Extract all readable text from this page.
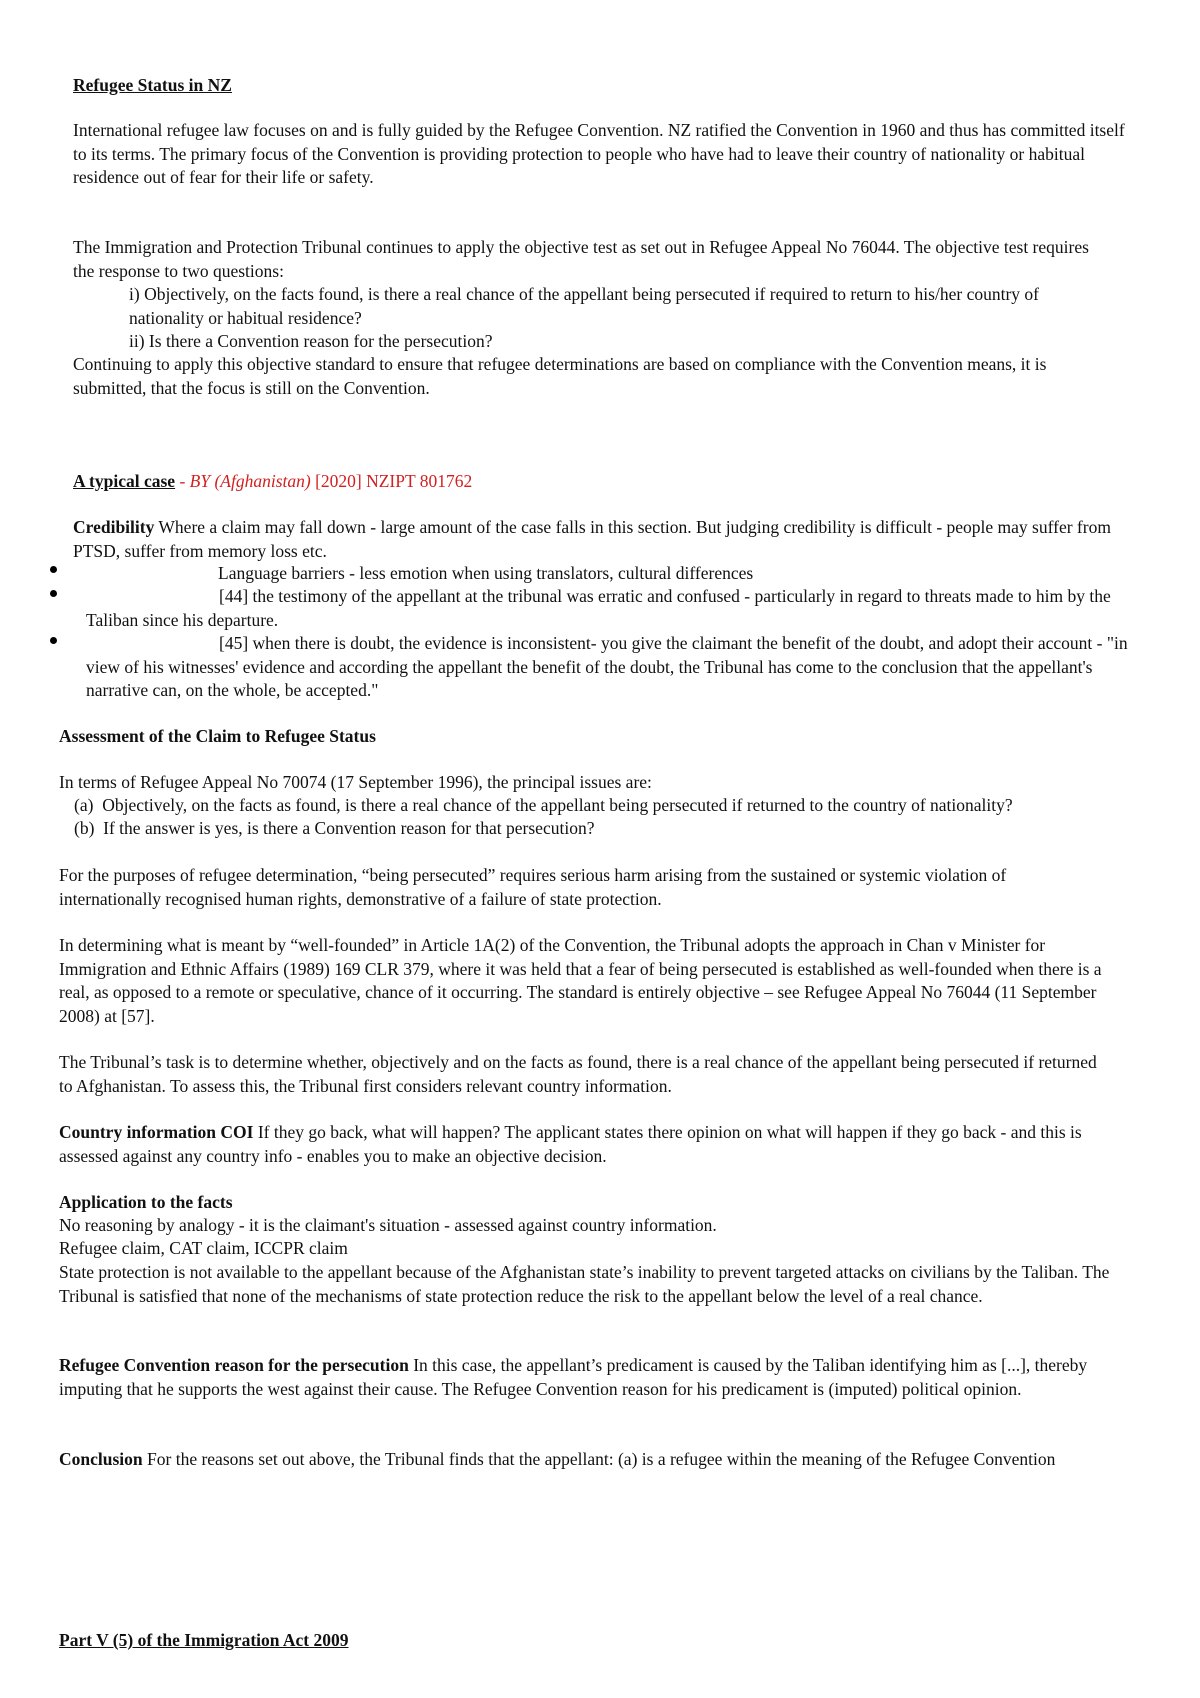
Refugee Status in NZ

International refugee law focuses on and is fully guided by the Refugee Convention. NZ ratified the Convention in 1960 and thus has committed itself to its terms. The primary focus of the Convention is providing protection to people who have had to leave their country of nationality or habitual residence out of fear for their life or safety.

The Immigration and Protection Tribunal continues to apply the objective test as set out in Refugee Appeal No 76044. The objective test requires the response to two questions:

i) Objectively, on the facts found, is there a real chance of the appellant being persecuted if required to return to his/her country of nationality or habitual residence?

ii) Is there a Convention reason for the persecution?

Continuing to apply this objective standard to ensure that refugee determinations are based on compliance with the Convention means, it is submitted, that the focus is still on the Convention.

A typical case - BY (Afghanistan) [2020] NZIPT 801762

Credibility Where a claim may fall down - large amount of the case falls in this section. But judging credibility is difficult - people may suffer from PTSD, suffer from memory loss etc.

Language barriers - less emotion when using translators, cultural differences

[44] the testimony of the appellant at the tribunal was erratic and confused - particularly in regard to threats made to him by the Taliban since his departure.

[45] when there is doubt, the evidence is inconsistent- you give the claimant the benefit of the doubt, and adopt their account - "in view of his witnesses' evidence and according the appellant the benefit of the doubt, the Tribunal has come to the conclusion that the appellant's narrative can, on the whole, be accepted."

Assessment of the Claim to Refugee Status

In terms of Refugee Appeal No 70074 (17 September 1996), the principal issues are:

(a) Objectively, on the facts as found, is there a real chance of the appellant being persecuted if returned to the country of nationality?

(b) If the answer is yes, is there a Convention reason for that persecution?

For the purposes of refugee determination, “being persecuted” requires serious harm arising from the sustained or systemic violation of internationally recognised human rights, demonstrative of a failure of state protection.

In determining what is meant by “well-founded” in Article 1A(2) of the Convention, the Tribunal adopts the approach in Chan v Minister for Immigration and Ethnic Affairs (1989) 169 CLR 379, where it was held that a fear of being persecuted is established as well-founded when there is a real, as opposed to a remote or speculative, chance of it occurring. The standard is entirely objective – see Refugee Appeal No 76044 (11 September 2008) at [57].

The Tribunal’s task is to determine whether, objectively and on the facts as found, there is a real chance of the appellant being persecuted if returned to Afghanistan. To assess this, the Tribunal first considers relevant country information.

Country information COI If they go back, what will happen? The applicant states there opinion on what will happen if they go back - and this is assessed against any country info - enables you to make an objective decision.

Application to the facts

No reasoning by analogy - it is the claimant's situation - assessed against country information.

Refugee claim, CAT claim, ICCPR claim

State protection is not available to the appellant because of the Afghanistan state’s inability to prevent targeted attacks on civilians by the Taliban. The Tribunal is satisfied that none of the mechanisms of state protection reduce the risk to the appellant below the level of a real chance.

Refugee Convention reason for the persecution In this case, the appellant’s predicament is caused by the Taliban identifying him as [...], thereby imputing that he supports the west against their cause. The Refugee Convention reason for his predicament is (imputed) political opinion.

Conclusion For the reasons set out above, the Tribunal finds that the appellant: (a) is a refugee within the meaning of the Refugee Convention

Part V (5) of the Immigration Act 2009
